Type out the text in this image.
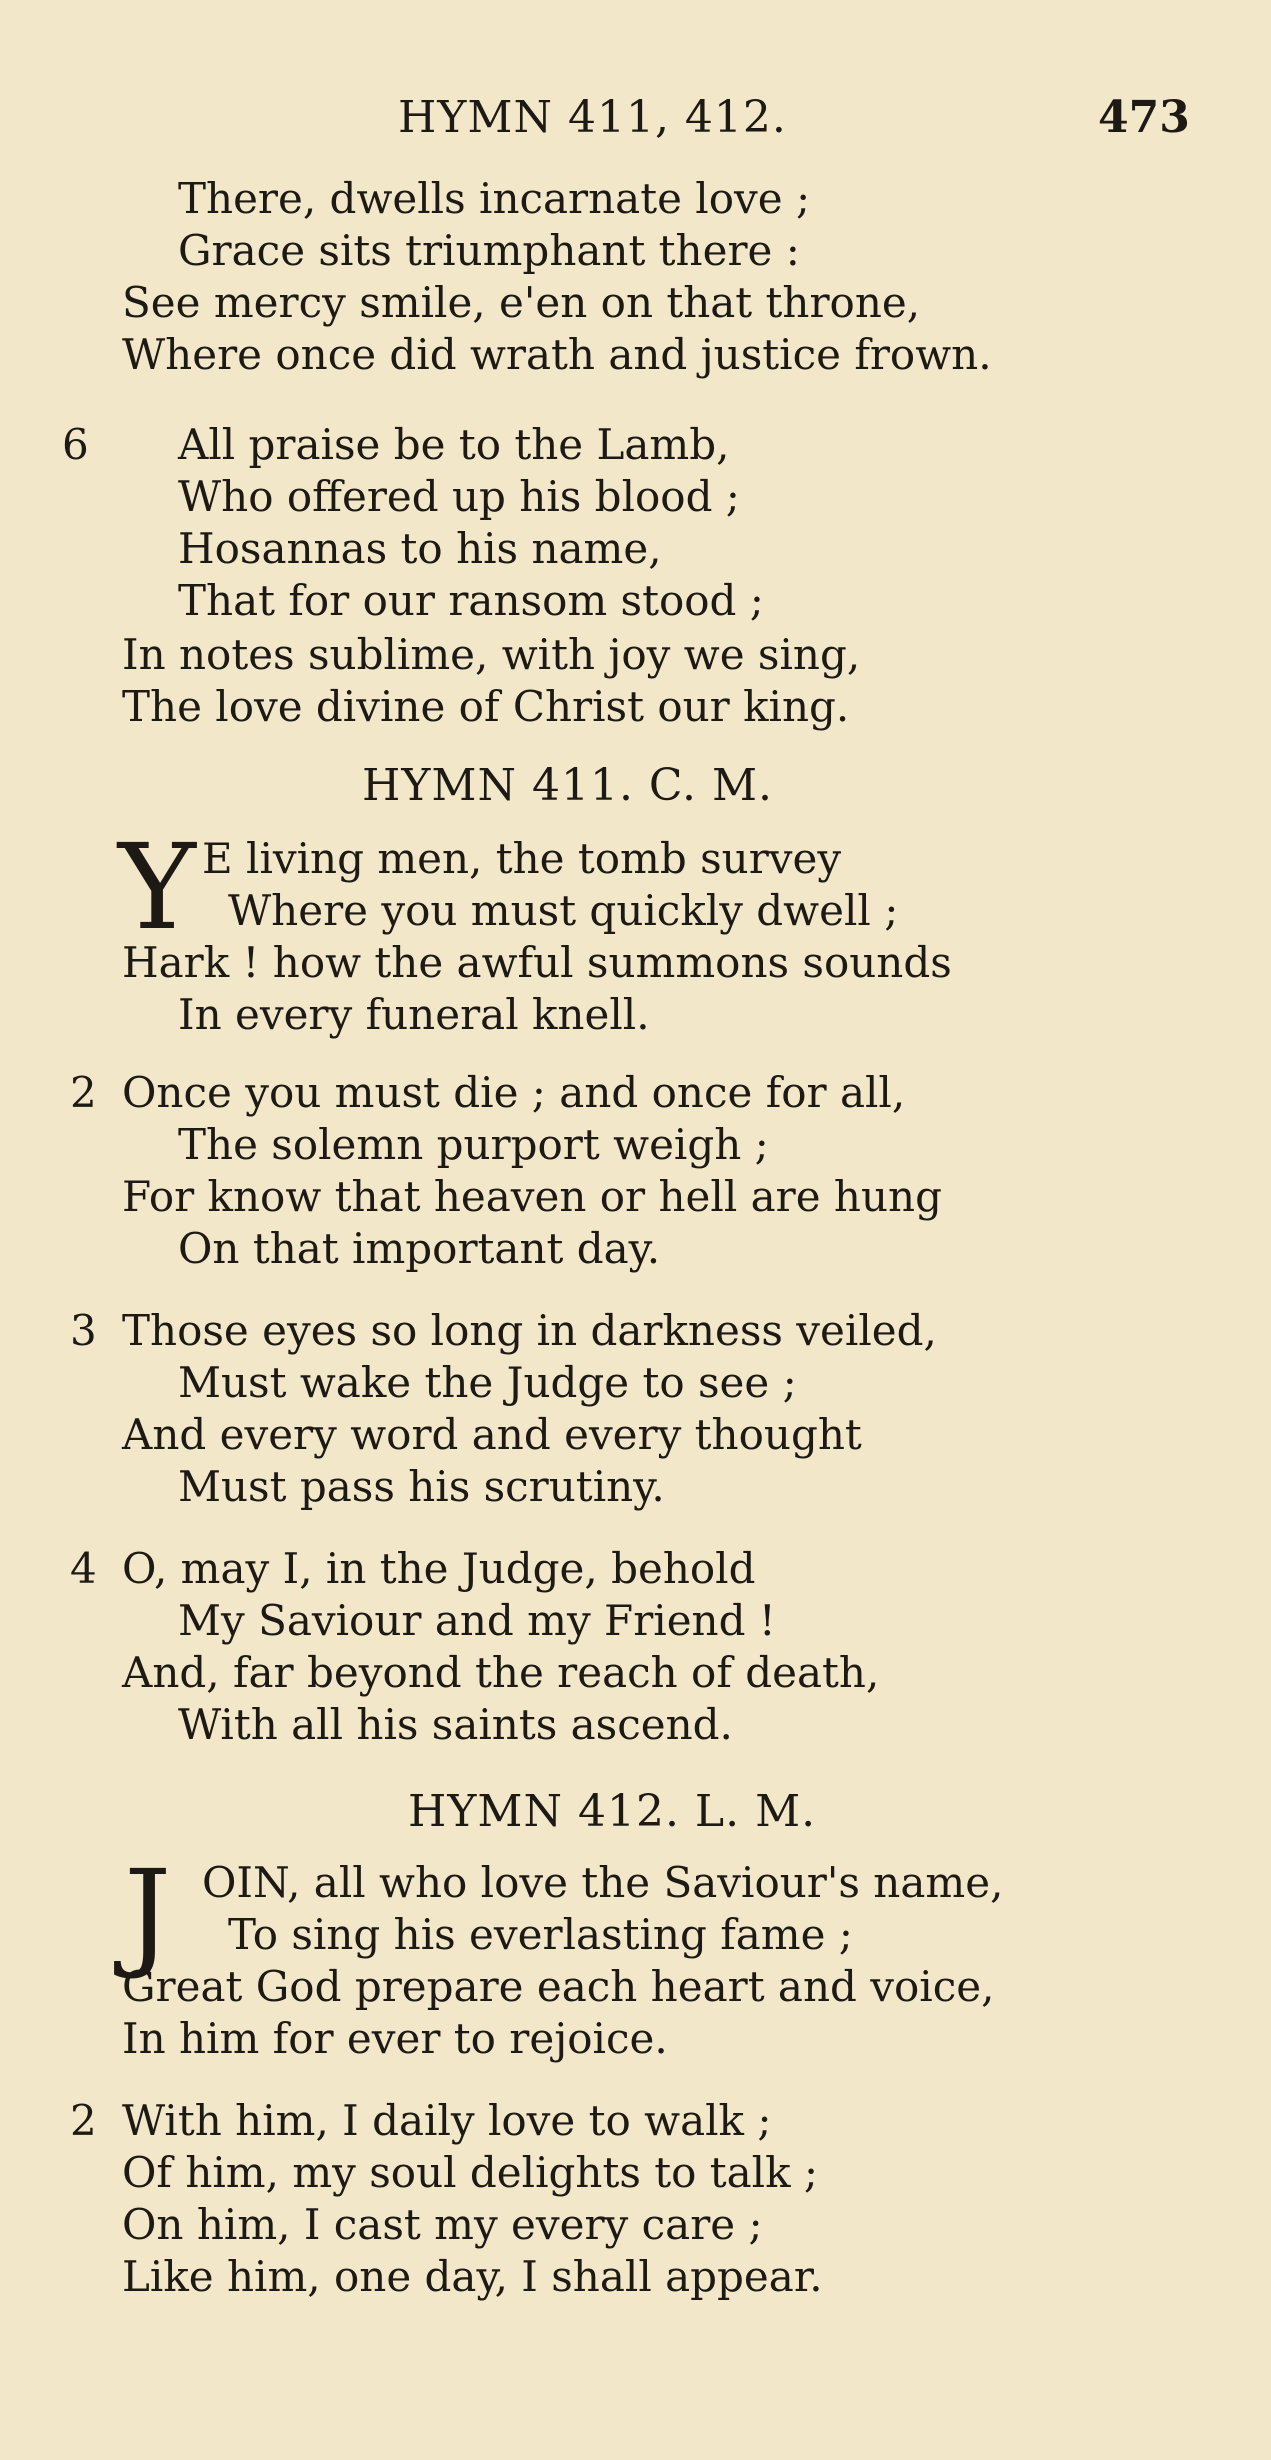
HYMN 411, 412.	473
There, dwells incarnate love ;
Grace sits triumphant there :
See mercy smile, e'en on that throne,
Where once did wrath and justice frown.
6 All praise be to the Lamb,
Who offered up his blood ;
Hosannas to his name,
That for our ransom stood ;
In notes sublime, with joy we sing,
The love divine of Christ our king.
HYMN 411. C. M.
Y E living men, the tomb survey
Where you must quickly dwell ;
Hark ! how the awful summons sounds
In every funeral knell.
2 Once you must die ; and once for all,
The solemn purport weigh ;
For know that heaven or hell are hung
On that important day.
3 Those eyes so long in darkness veiled,
Must wake the Judge to see ;
And every word and every thought
Must pass his scrutiny.
4 O, may I, in the Judge, behold
My Saviour and my Friend !
And, far beyond the reach of death,
With all his saints ascend.
HYMN 412. L. M.
J OIN, all who love the Saviour's name,
To sing his everlasting fame ;
Great God prepare each heart and voice,
In him for ever to rejoice.
2 With him, I daily love to walk ;
Of him, my soul delights to talk ;
On him, I cast my every care ;
Like him, one day, I shall appear.
